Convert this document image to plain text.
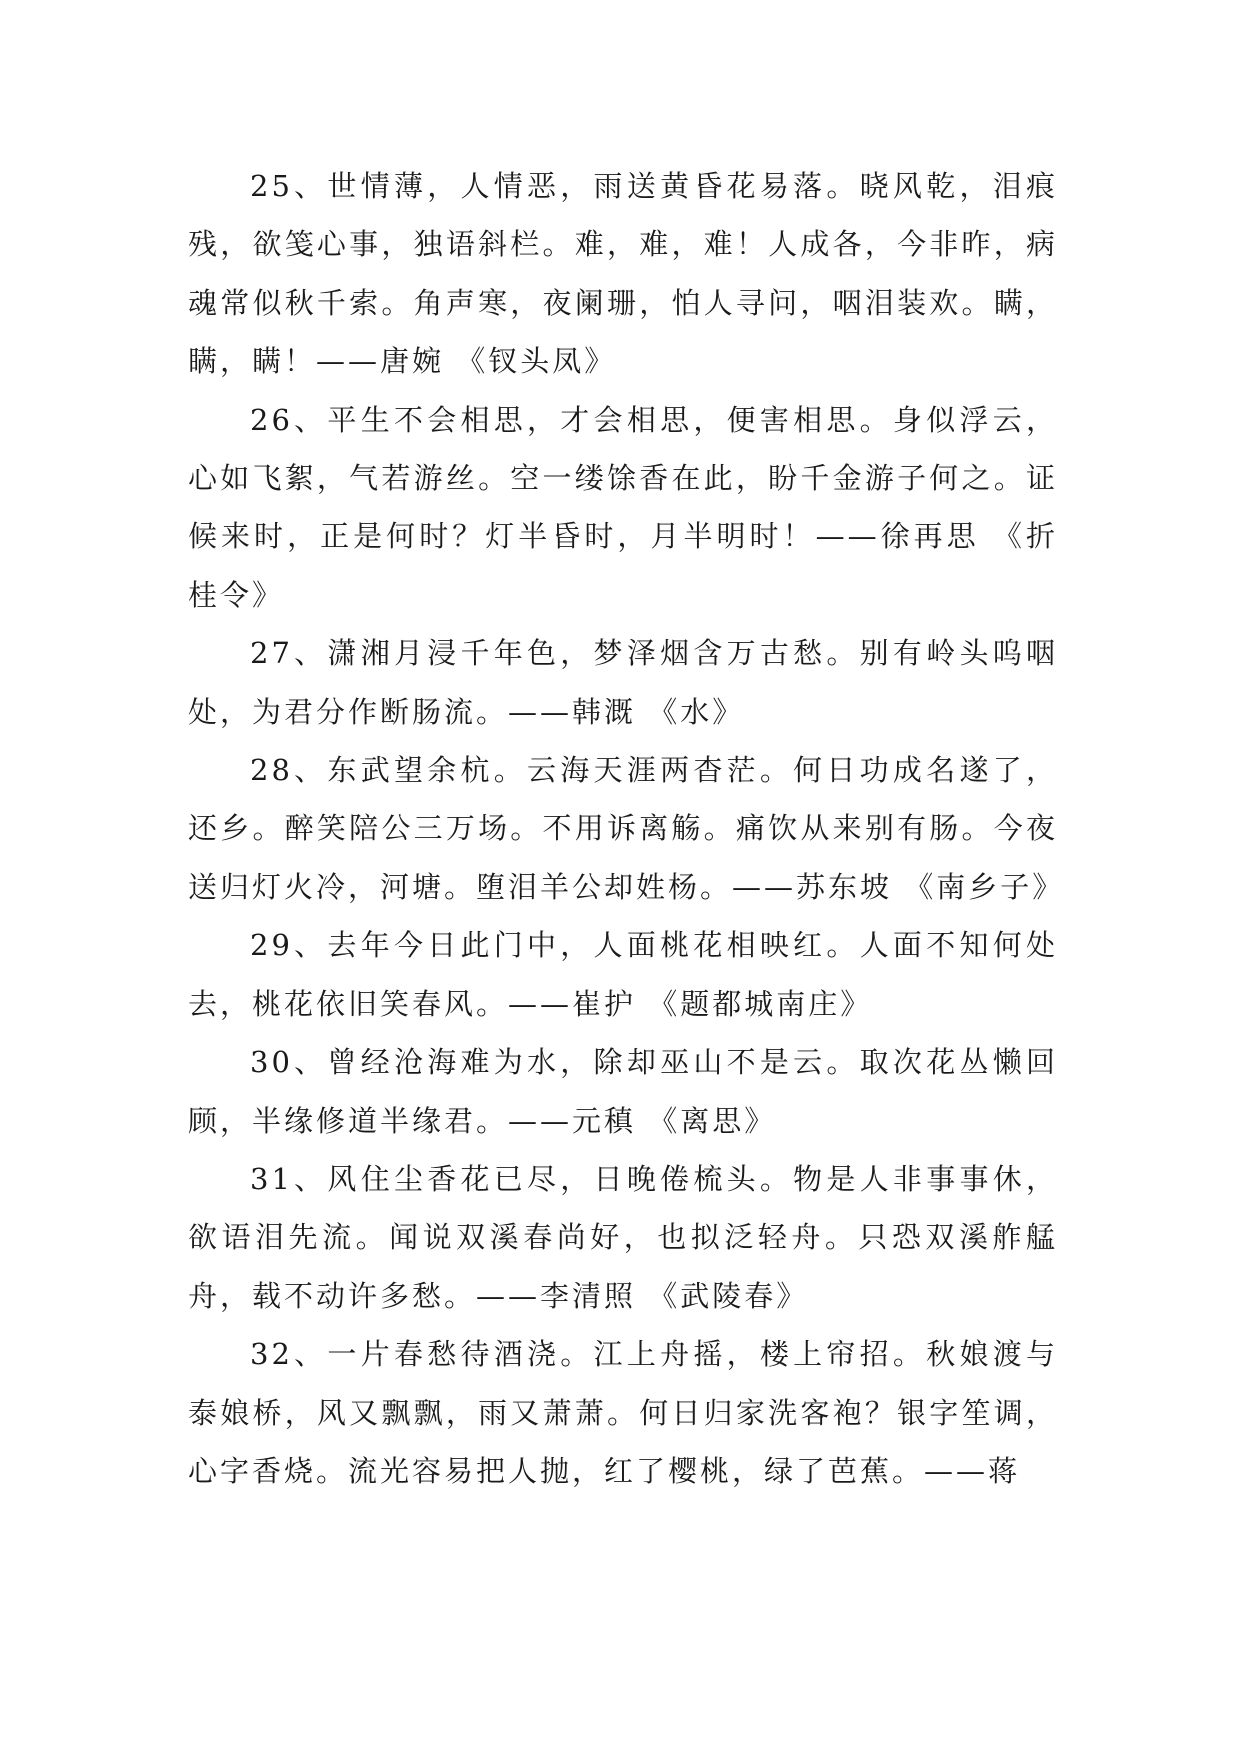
25、世情薄，人情恶，雨送黄昏花易落。晓风乾，泪痕残，欲笺心事，独语斜栏。难，难，难！人成各，今非昨，病魂常似秋千索。角声寒，夜阑珊，怕人寻问，咽泪装欢。瞒，瞒，瞒！——唐婉 《钗头凤》

26、平生不会相思，才会相思，便害相思。身似浮云，心如飞絮，气若游丝。空一缕馀香在此，盼千金游子何之。证候来时，正是何时？灯半昏时，月半明时！——徐再思 《折桂令》

27、潇湘月浸千年色，梦泽烟含万古愁。别有岭头呜咽处，为君分作断肠流。——韩溉 《水》

28、东武望余杭。云海天涯两杳茫。何日功成名遂了，还乡。醉笑陪公三万场。不用诉离觞。痛饮从来别有肠。今夜送归灯火冷，河塘。堕泪羊公却姓杨。——苏东坡 《南乡子》

29、去年今日此门中，人面桃花相映红。人面不知何处去，桃花依旧笑春风。——崔护 《题都城南庄》

30、曾经沧海难为水，除却巫山不是云。取次花丛懒回顾，半缘修道半缘君。——元稹 《离思》

31、风住尘香花已尽，日晚倦梳头。物是人非事事休，欲语泪先流。闻说双溪春尚好，也拟泛轻舟。只恐双溪舴艋舟，载不动许多愁。——李清照 《武陵春》

32、一片春愁待酒浇。江上舟摇，楼上帘招。秋娘渡与泰娘桥，风又飘飘，雨又萧萧。何日归家洗客袍？银字笙调，心字香烧。流光容易把人抛，红了樱桃，绿了芭蕉。——蒋
